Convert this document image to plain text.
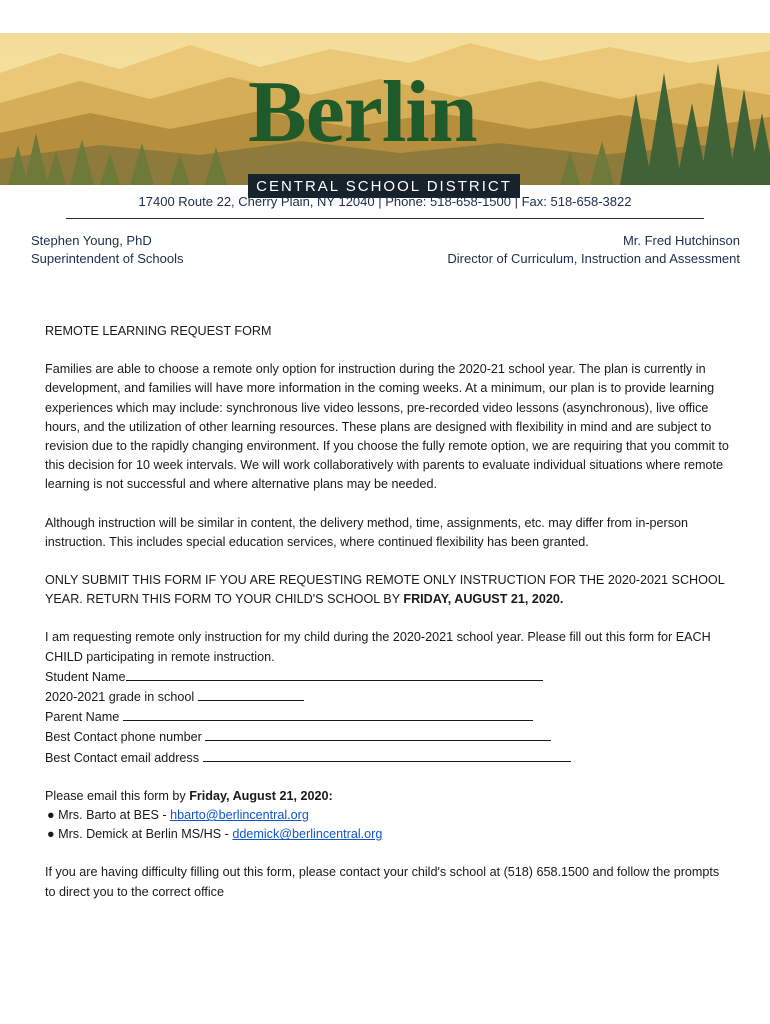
Berlin
CENTRAL SCHOOL DISTRICT
17400 Route 22, Cherry Plain, NY 12040 | Phone: 518-658-1500 | Fax: 518-658-3822
Stephen Young, PhD
Superintendent of Schools
Mr. Fred Hutchinson
Director of Curriculum, Instruction and Assessment

REMOTE LEARNING REQUEST FORM

Families are able to choose a remote only option for instruction during the 2020-21 school year. The plan is currently in development, and families will have more information in the coming weeks. At a minimum, our plan is to provide learning experiences which may include: synchronous live video lessons, pre-recorded video lessons (asynchronous), live office hours, and the utilization of other learning resources. These plans are designed with flexibility in mind and are subject to revision due to the rapidly changing environment. If you choose the fully remote option, we are requiring that you commit to this decision for 10 week intervals. We will work collaboratively with parents to evaluate individual situations where remote learning is not successful and where alternative plans may be needed.

Although instruction will be similar in content, the delivery method, time, assignments, etc. may differ from in-person instruction. This includes special education services, where continued flexibility has been granted.

ONLY SUBMIT THIS FORM IF YOU ARE REQUESTING REMOTE ONLY INSTRUCTION FOR THE 2020-2021 SCHOOL YEAR. RETURN THIS FORM TO YOUR CHILD'S SCHOOL BY FRIDAY, AUGUST 21, 2020.

I am requesting remote only instruction for my child during the 2020-2021 school year. Please fill out this form for EACH CHILD participating in remote instruction.
Student Name
2020-2021 grade in school
Parent Name
Best Contact phone number
Best Contact email address

Please email this form by Friday, August 21, 2020:
● Mrs. Barto at BES - hbarto@berlincentral.org
● Mrs. Demick at Berlin MS/HS - ddemick@berlincentral.org

If you are having difficulty filling out this form, please contact your child's school at (518) 658.1500 and follow the prompts to direct you to the correct office
